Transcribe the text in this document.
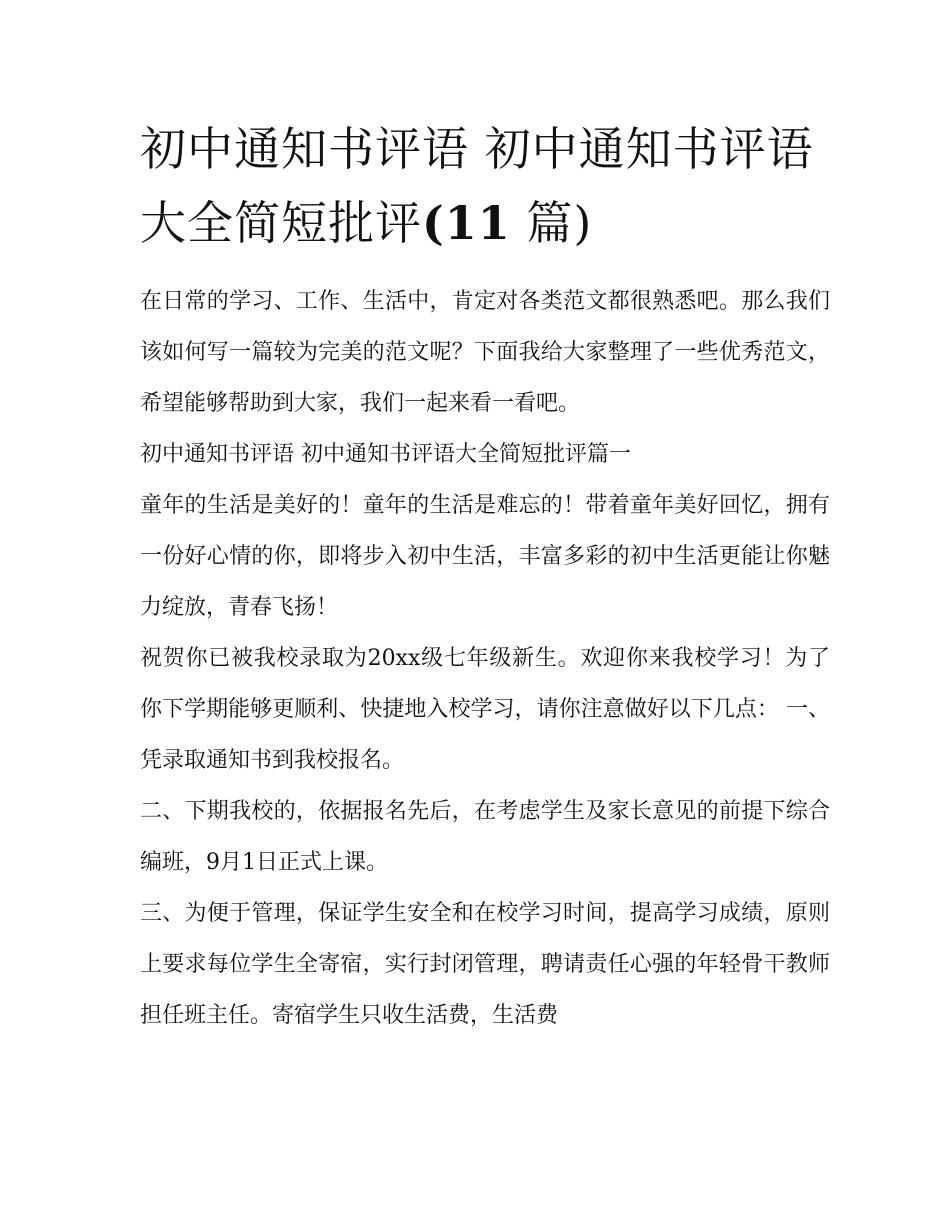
初中通知书评语 初中通知书评语大全简短批评(11 篇)

在日常的学习、工作、生活中，肯定对各类范文都很熟悉吧。那么我们该如何写一篇较为完美的范文呢？下面我给大家整理了一些优秀范文，希望能够帮助到大家，我们一起来看一看吧。

初中通知书评语 初中通知书评语大全简短批评篇一

童年的生活是美好的！童年的生活是难忘的！带着童年美好回忆，拥有一份好心情的你，即将步入初中生活，丰富多彩的初中生活更能让你魅力绽放，青春飞扬！

祝贺你已被我校录取为20xx级七年级新生。欢迎你来我校学习！为了你下学期能够更顺利、快捷地入校学习，请你注意做好以下几点： 一、凭录取通知书到我校报名。

二、下期我校的，依据报名先后，在考虑学生及家长意见的前提下综合编班，9月1日正式上课。

三、为便于管理，保证学生安全和在校学习时间，提高学习成绩，原则上要求每位学生全寄宿，实行封闭管理，聘请责任心强的年轻骨干教师担任班主任。寄宿学生只收生活费，生活费
